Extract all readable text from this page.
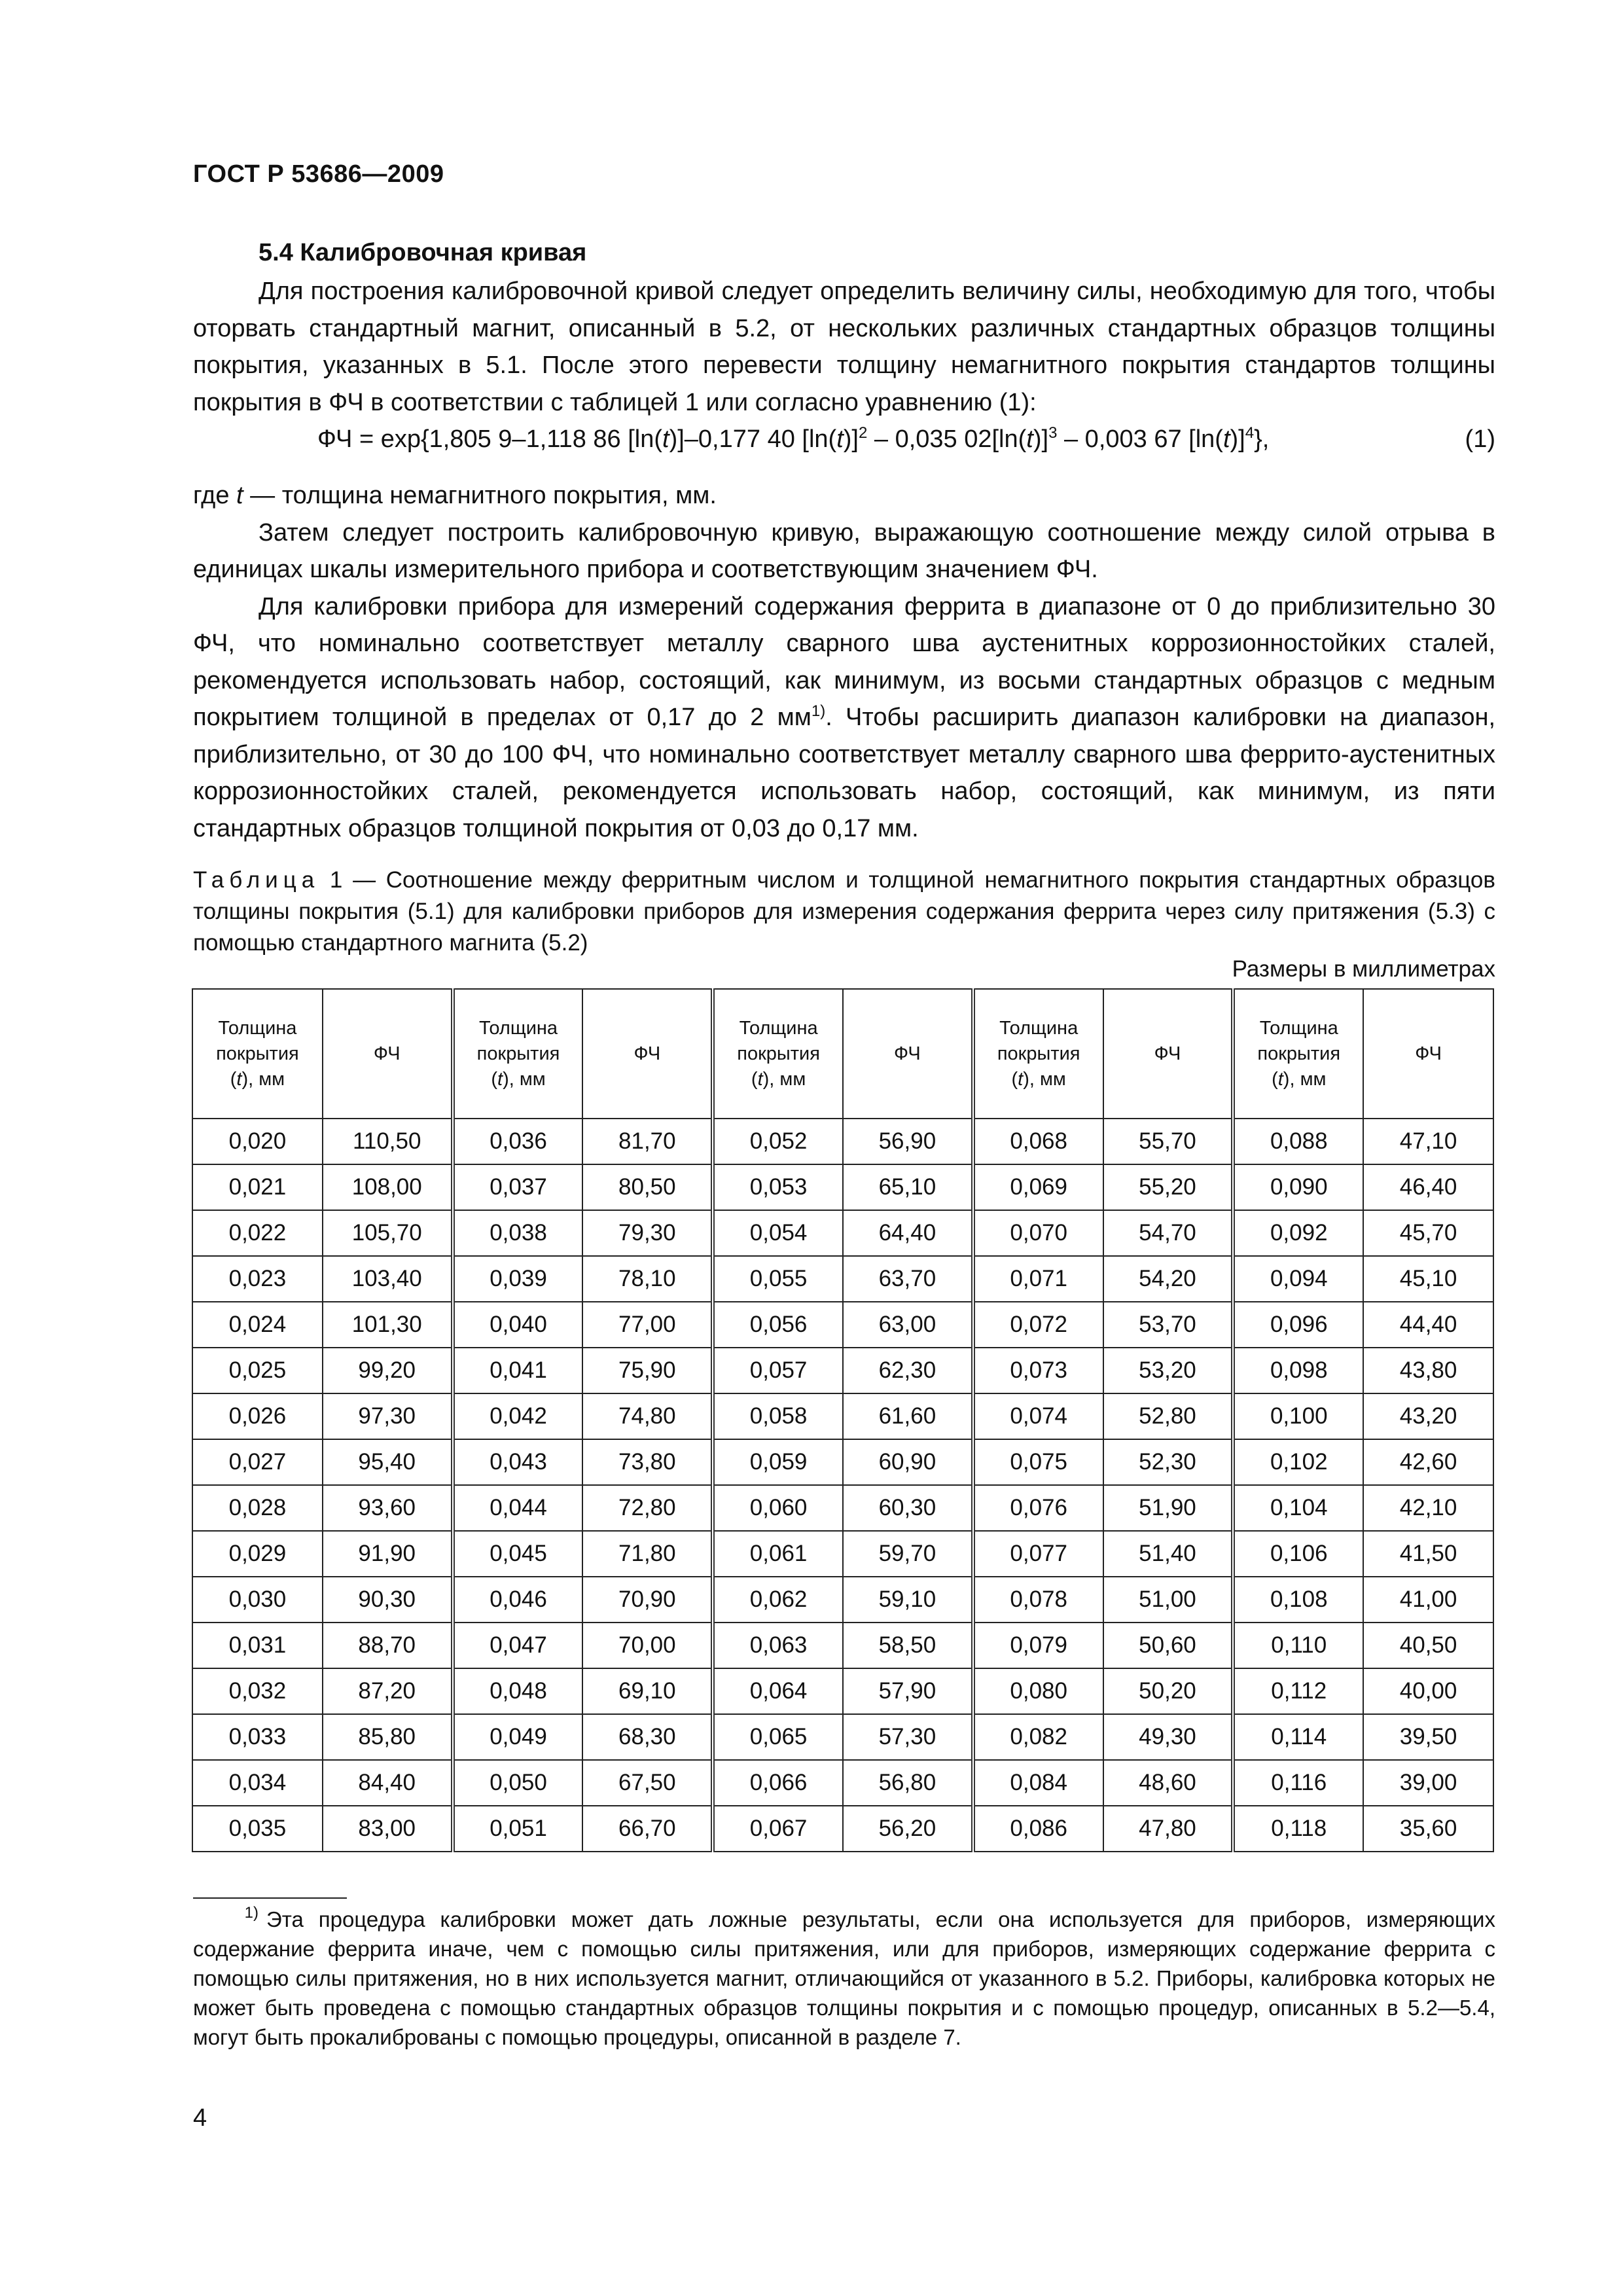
ГОСТ Р 53686—2009
5.4 Калибровочная кривая

Для построения калибровочной кривой следует определить величину силы, необходимую для того, чтобы оторвать стандартный магнит, описанный в 5.2, от нескольких различных стандартных образцов толщины покрытия, указанных в 5.1. После этого перевести толщину немагнитного покрытия стандартов толщины покрытия в ФЧ в соответствии с таблицей 1 или согласно уравнению (1):

ФЧ = exp{1,805 9–1,118 86 [ln(t)]–0,177 40 $[\ln(t)]^2 - 0,035$ $02[\ln(t)]^3 - 0,003$ 67 $[\ln(t)]^4$},	(1)

где t — толщина немагнитного покрытия, мм.

Затем следует построить калибровочную кривую, выражающую соотношение между силой отрыва в единицах шкалы измерительного прибора и соответствующим значением ФЧ.

Для калибровки прибора для измерений содержания феррита в диапазоне от 0 до приблизительно 30 ФЧ, что номинально соответствует металлу сварного шва аустенитных коррозионностойких сталей, рекомендуется использовать набор, состоящий, как минимум, из восьми стандартных образцов с медным покрытием толщиной в пределах от 0,17 до 2 $мм^{1)}$. Чтобы расширить диапазон калибровки на диапазон, приблизительно, от 30 до 100 ФЧ, что номинально соответствует металлу сварного шва феррито-аустенитных коррозионностойких сталей, рекомендуется использовать набор, состоящий, как минимум, из пяти стандартных образцов толщиной покрытия от 0,03 до 0,17 мм.

Таблица 1 — Соотношение между ферритным числом и толщиной немагнитного покрытия стандартных образцов толщины покрытия (5.1) для калибровки приборов для измерения содержания феррита через силу притяжения (5.3) с помощью стандартного магнита (5.2)
Размеры в миллиметрах
Толщина
покрытия
(t), мм	ФЧ	Толщина
покрытия
(t), мм	ФЧ	Толщина
покрытия
(t), мм	ФЧ	Толщина
покрытия
(t), мм	ФЧ	Толщина
покрытия
(t), мм	ФЧ
0,020	110,50	0,036	81,70	0,052	56,90	0,068	55,70	0,088	47,10
0,021	108,00	0,037	80,50	0,053	65,10	0,069	55,20	0,090	46,40
0,022	105,70	0,038	79,30	0,054	64,40	0,070	54,70	0,092	45,70
0,023	103,40	0,039	78,10	0,055	63,70	0,071	54,20	0,094	45,10
0,024	101,30	0,040	77,00	0,056	63,00	0,072	53,70	0,096	44,40
0,025	99,20	0,041	75,90	0,057	62,30	0,073	53,20	0,098	43,80
0,026	97,30	0,042	74,80	0,058	61,60	0,074	52,80	0,100	43,20
0,027	95,40	0,043	73,80	0,059	60,90	0,075	52,30	0,102	42,60
0,028	93,60	0,044	72,80	0,060	60,30	0,076	51,90	0,104	42,10
0,029	91,90	0,045	71,80	0,061	59,70	0,077	51,40	0,106	41,50
0,030	90,30	0,046	70,90	0,062	59,10	0,078	51,00	0,108	41,00
0,031	88,70	0,047	70,00	0,063	58,50	0,079	50,60	0,110	40,50
0,032	87,20	0,048	69,10	0,064	57,90	0,080	50,20	0,112	40,00
0,033	85,80	0,049	68,30	0,065	57,30	0,082	49,30	0,114	39,50
0,034	84,40	0,050	67,50	0,066	56,80	0,084	48,60	0,116	39,00
0,035	83,00	0,051	66,70	0,067	56,20	0,086	47,80	0,118	35,60
$^{1)}$ Эта процедура калибровки может дать ложные результаты, если она используется для приборов, измеряющих содержание феррита иначе, чем с помощью силы притяжения, или для приборов, измеряющих содержание феррита с помощью силы притяжения, но в них используется магнит, отличающийся от указанного в 5.2. Приборы, калибровка которых не может быть проведена с помощью стандартных образцов толщины покрытия и с помощью процедур, описанных в 5.2—5.4, могут быть прокалиброваны с помощью процедуры, описанной в разделе 7.
4
